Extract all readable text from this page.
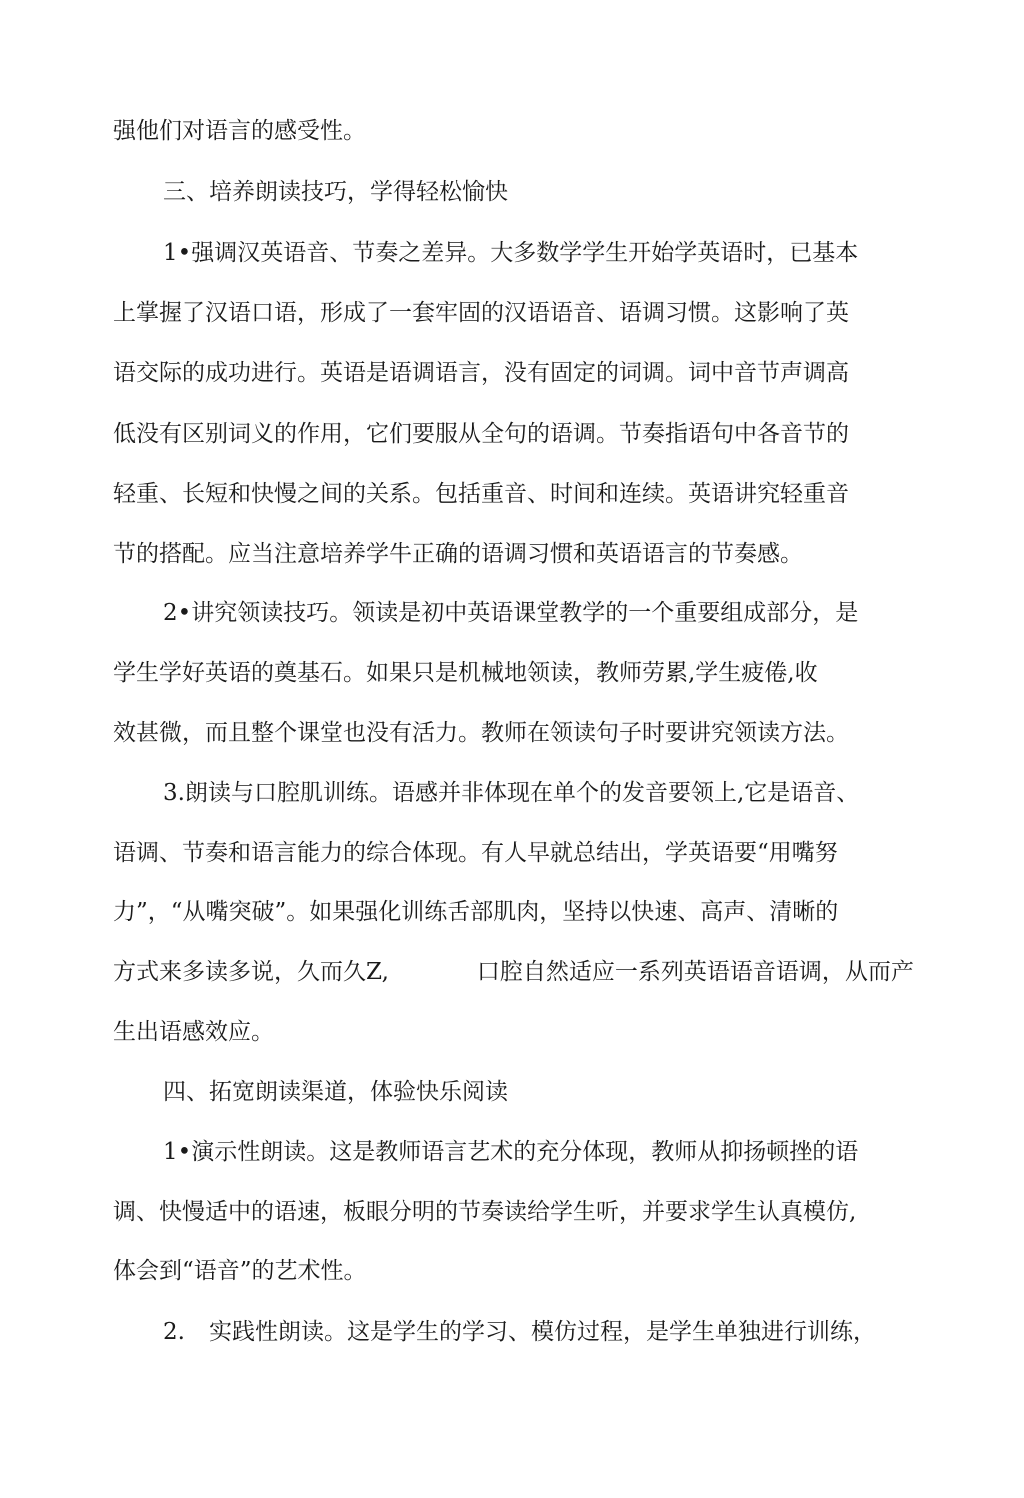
强他们对语言的感受性。
三、培养朗读技巧，学得轻松愉快
1•强调汉英语音、节奏之差异。大多数学学生开始学英语时，已基本
上掌握了汉语口语，形成了一套牢固的汉语语音、语调习惯。这影响了英
语交际的成功进行。英语是语调语言，没有固定的词调。词中音节声调高
低没有区别词义的作用，它们要服从全句的语调。节奏指语句中各音节的
轻重、长短和快慢之间的关系。包括重音、时间和连续。英语讲究轻重音
节的搭配。应当注意培养学牛正确的语调习惯和英语语言的节奏感。
2•讲究领读技巧。领读是初中英语课堂教学的一个重要组成部分，是
学生学好英语的奠基石。如果只是机械地领读，教师劳累,学生疲倦,收
效甚微，而且整个课堂也没有活力。教师在领读句子时要讲究领读方法。
3.朗读与口腔肌训练。语感并非体现在单个的发音要领上,它是语音、
语调、节奏和语言能力的综合体现。有人早就总结出，学英语要“用嘴努
力”，“从嘴突破”。如果强化训练舌部肌肉，坚持以快速、高声、清晰的
方式来多读多说，久而久Z,	口腔自然适应一系列英语语音语调，从而产
生出语感效应。
四、拓宽朗读渠道，体验快乐阅读
1•演示性朗读。这是教师语言艺术的充分体现，教师从抑扬顿挫的语
调、快慢适中的语速，板眼分明的节奏读给学生听，并要求学生认真模仿,
体会到“语音”的艺术性。
2. 实践性朗读。这是学生的学习、模仿过程，是学生单独进行训练，
